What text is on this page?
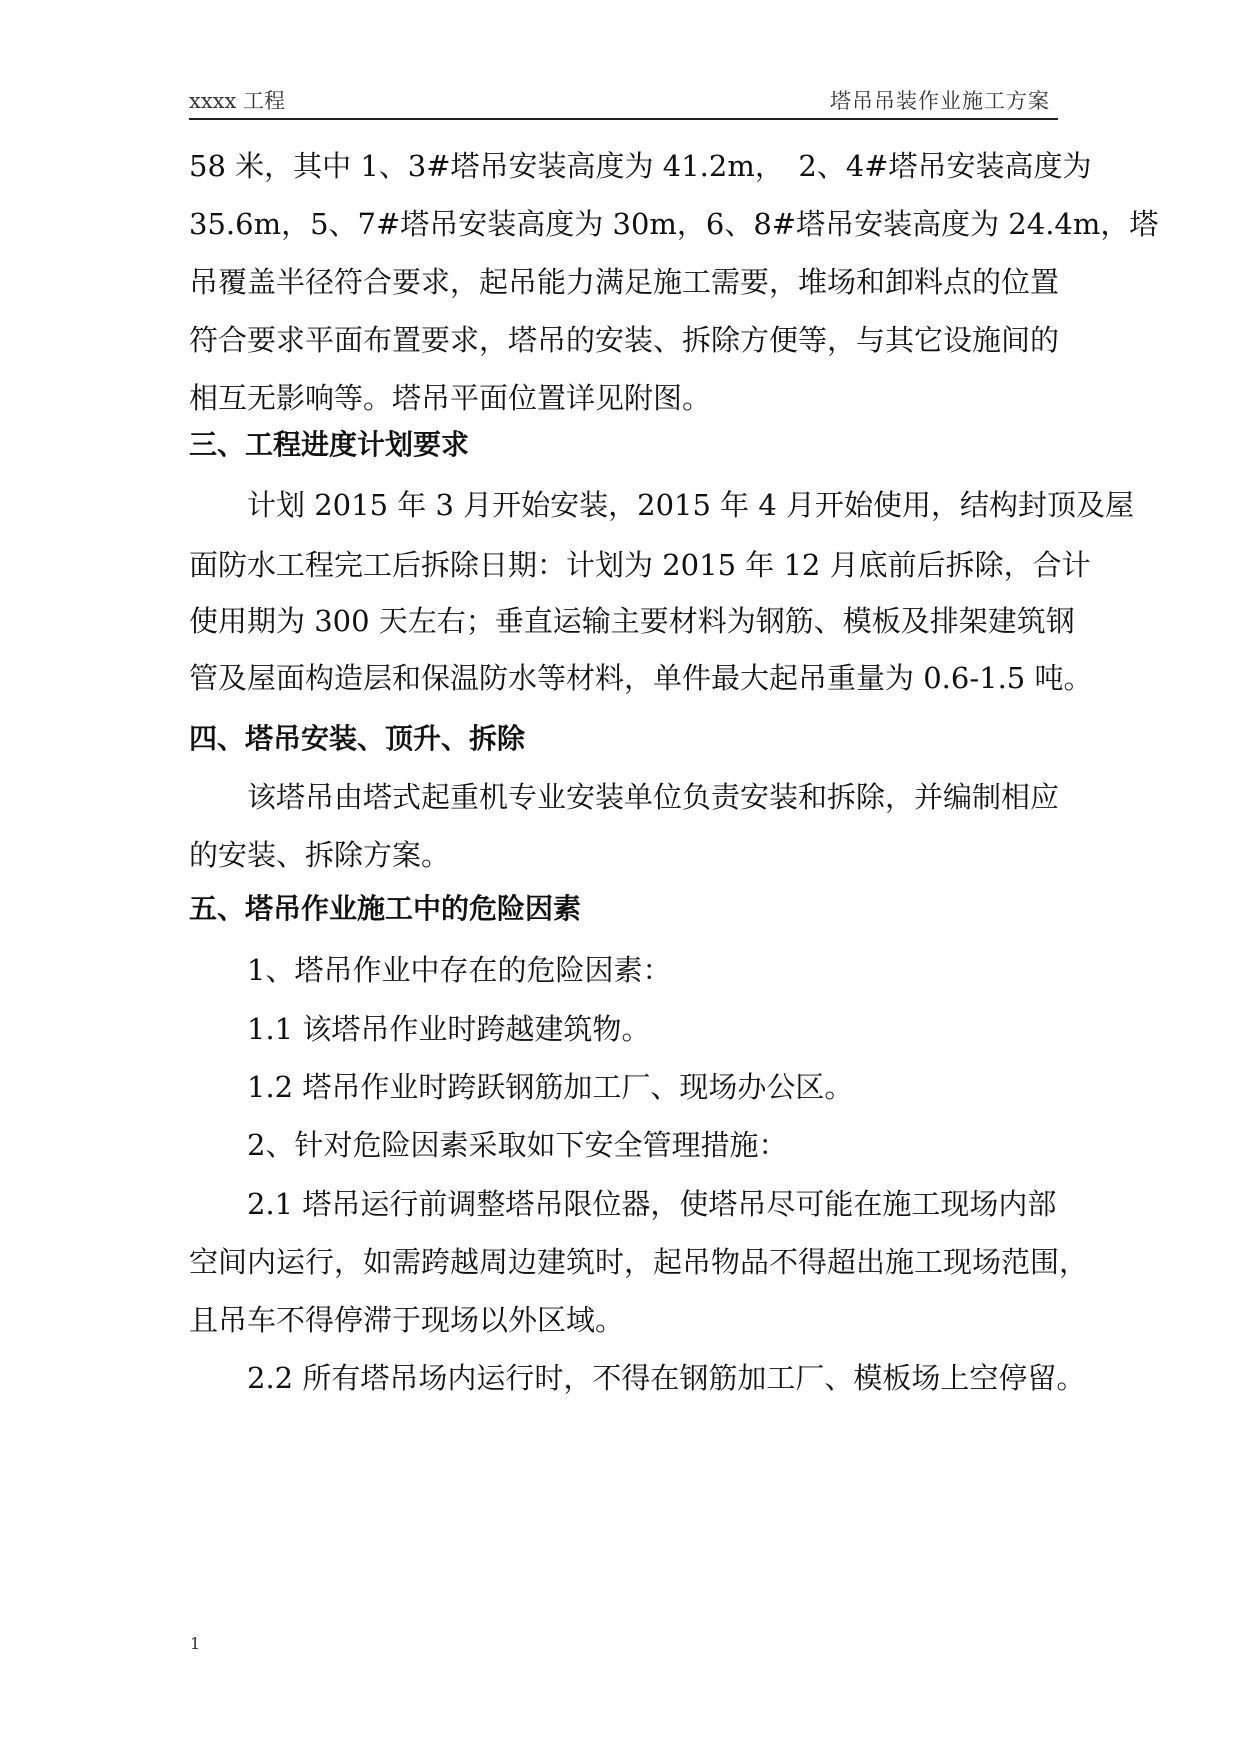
xxxx 工程	塔吊吊装作业施工方案
58 米，其中 1、3#塔吊安装高度为 41.2m，　2、4#塔吊安装高度为
35.6m，5、7#塔吊安装高度为 30m，6、8#塔吊安装高度为 24.4m，塔
吊覆盖半径符合要求，起吊能力满足施工需要，堆场和卸料点的位置
符合要求平面布置要求，塔吊的安装、拆除方便等，与其它设施间的
相互无影响等。塔吊平面位置详见附图。
三、工程进度计划要求
计划 2015 年 3 月开始安装，2015 年 4 月开始使用，结构封顶及屋
面防水工程完工后拆除日期：计划为 2015 年 12 月底前后拆除，合计
使用期为 300 天左右；垂直运输主要材料为钢筋、模板及排架建筑钢
管及屋面构造层和保温防水等材料，单件最大起吊重量为 0.6-1.5 吨。
四、塔吊安装、顶升、拆除
该塔吊由塔式起重机专业安装单位负责安装和拆除，并编制相应
的安装、拆除方案。
五、塔吊作业施工中的危险因素
1、塔吊作业中存在的危险因素：
1.1 该塔吊作业时跨越建筑物。
1.2 塔吊作业时跨跃钢筋加工厂、现场办公区。
2、针对危险因素采取如下安全管理措施：
2.1 塔吊运行前调整塔吊限位器，使塔吊尽可能在施工现场内部
空间内运行，如需跨越周边建筑时，起吊物品不得超出施工现场范围，
且吊车不得停滞于现场以外区域。
2.2 所有塔吊场内运行时，不得在钢筋加工厂、模板场上空停留。
1
